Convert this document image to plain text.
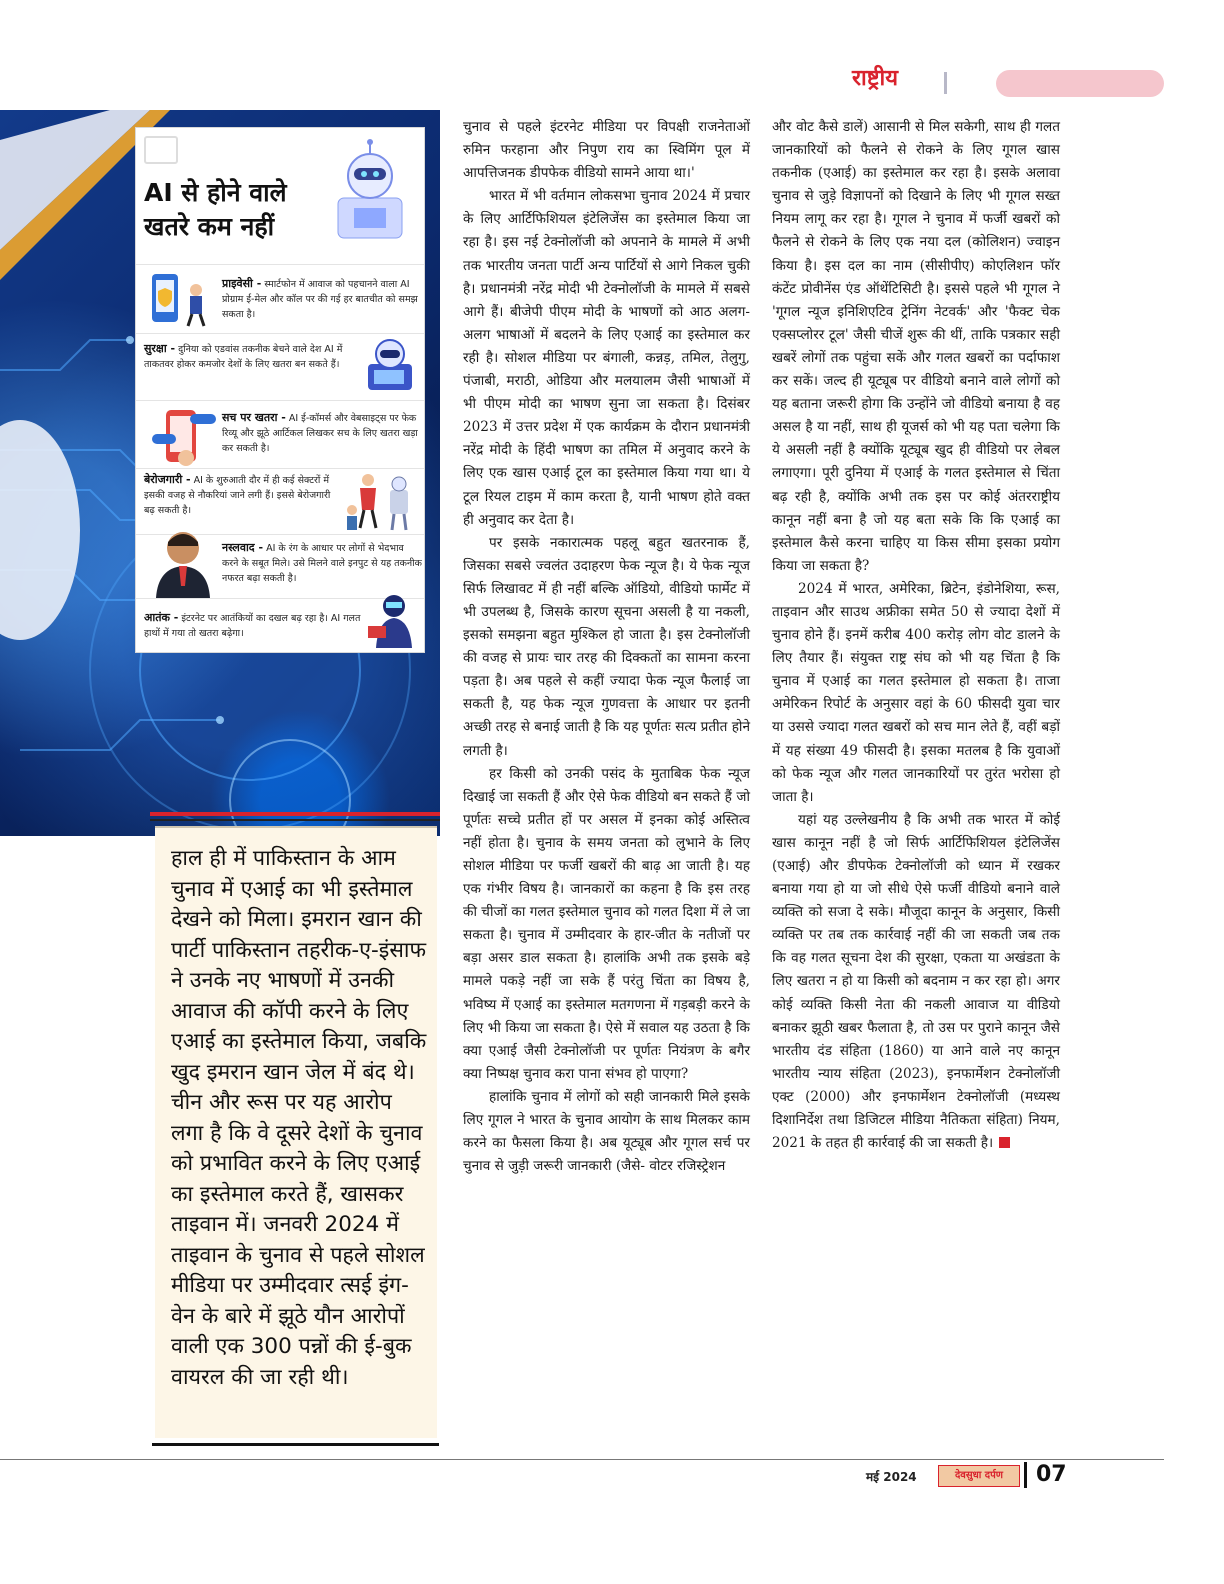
राष्ट्रीय
AI से होने वाले खतरे कम नहीं
प्राइवेसी - स्मार्टफोन में आवाज को पहचानने वाला AI प्रोग्राम ई-मेल और कॉल पर की गई हर बातचीत को समझ सकता है।
सुरक्षा - दुनिया को एडवांस तकनीक बेचने वाले देश AI में ताकतवर होकर कमजोर देशों के लिए खतरा बन सकते हैं।
सच पर खतरा - AI ई-कॉमर्स और वेबसाइट्स पर फेक रिव्यू और झूठे आर्टिकल लिखकर सच के लिए खतरा खड़ा कर सकती है।
बेरोजगारी - AI के शुरुआती दौर में ही कई सेक्टरों में इसकी वजह से नौकरियां जाने लगी हैं। इससे बेरोजगारी बढ़ सकती है।
नस्लवाद - AI के रंग के आधार पर लोगों से भेदभाव करने के सबूत मिले। उसे मिलने वाले इनपुट से यह तकनीक नफरत बढ़ा सकती है।
आतंक - इंटरनेट पर आतंकियों का दखल बढ़ रहा है। AI गलत हाथों में गया तो खतरा बढ़ेगा।
हाल ही में पाकिस्तान के आम चुनाव में एआई का भी इस्तेमाल देखने को मिला। इमरान खान की पार्टी पाकिस्तान तहरीक-ए-इंसाफ ने उनके नए भाषणों में उनकी आवाज की कॉपी करने के लिए एआई का इस्तेमाल किया, जबकि खुद इमरान खान जेल में बंद थे। चीन और रूस पर यह आरोप लगा है कि वे दूसरे देशों के चुनाव को प्रभावित करने के लिए एआई का इस्तेमाल करते हैं, खासकर ताइवान में। जनवरी 2024 में ताइवान के चुनाव से पहले सोशल मीडिया पर उम्मीदवार त्सई इंग-वेन के बारे में झूठे यौन आरोपों वाली एक 300 पन्नों की ई-बुक वायरल की जा रही थी।

चुनाव से पहले इंटरनेट मीडिया पर विपक्षी राजनेताओं रुमिन फरहाना और निपुण राय का स्विमिंग पूल में आपत्तिजनक डीपफेक वीडियो सामने आया था।'

भारत में भी वर्तमान लोकसभा चुनाव 2024 में प्रचार के लिए आर्टिफिशियल इंटेलिजेंस का इस्तेमाल किया जा रहा है। इस नई टेक्नोलॉजी को अपनाने के मामले में अभी तक भारतीय जनता पार्टी अन्य पार्टियों से आगे निकल चुकी है। प्रधानमंत्री नरेंद्र मोदी भी टेक्नोलॉजी के मामले में सबसे आगे हैं। बीजेपी पीएम मोदी के भाषणों को आठ अलग-अलग भाषाओं में बदलने के लिए एआई का इस्तेमाल कर रही है। सोशल मीडिया पर बंगाली, कन्नड़, तमिल, तेलुगु, पंजाबी, मराठी, ओडिया और मलयालम जैसी भाषाओं में भी पीएम मोदी का भाषण सुना जा सकता है। दिसंबर 2023 में उत्तर प्रदेश में एक कार्यक्रम के दौरान प्रधानमंत्री नरेंद्र मोदी के हिंदी भाषण का तमिल में अनुवाद करने के लिए एक खास एआई टूल का इस्तेमाल किया गया था। ये टूल रियल टाइम में काम करता है, यानी भाषण होते वक्त ही अनुवाद कर देता है।

पर इसके नकारात्मक पहलू बहुत खतरनाक हैं, जिसका सबसे ज्वलंत उदाहरण फेक न्यूज है। ये फेक न्यूज सिर्फ लिखावट में ही नहीं बल्कि ऑडियो, वीडियो फार्मेट में भी उपलब्ध है, जिसके कारण सूचना असली है या नकली, इसको समझना बहुत मुश्किल हो जाता है। इस टेक्नोलॉजी की वजह से प्रायः चार तरह की दिक्कतों का सामना करना पड़ता है। अब पहले से कहीं ज्यादा फेक न्यूज फैलाई जा सकती है, यह फेक न्यूज गुणवत्ता के आधार पर इतनी अच्छी तरह से बनाई जाती है कि यह पूर्णतः सत्य प्रतीत होने लगती है।

हर किसी को उनकी पसंद के मुताबिक फेक न्यूज दिखाई जा सकती हैं और ऐसे फेक वीडियो बन सकते हैं जो पूर्णतः सच्चे प्रतीत हों पर असल में इनका कोई अस्तित्व नहीं होता है। चुनाव के समय जनता को लुभाने के लिए सोशल मीडिया पर फर्जी खबरों की बाढ़ आ जाती है। यह एक गंभीर विषय है। जानकारों का कहना है कि इस तरह की चीजों का गलत इस्तेमाल चुनाव को गलत दिशा में ले जा सकता है। चुनाव में उम्मीदवार के हार-जीत के नतीजों पर बड़ा असर डाल सकता है। हालांकि अभी तक इसके बड़े मामले पकड़े नहीं जा सके हैं परंतु चिंता का विषय है, भविष्य में एआई का इस्तेमाल मतगणना में गड़बड़ी करने के लिए भी किया जा सकता है। ऐसे में सवाल यह उठता है कि क्या एआई जैसी टेक्नोलॉजी पर पूर्णतः नियंत्रण के बगैर क्या निष्पक्ष चुनाव करा पाना संभव हो पाएगा?

हालांकि चुनाव में लोगों को सही जानकारी मिले इसके लिए गूगल ने भारत के चुनाव आयोग के साथ मिलकर काम करने का फैसला किया है। अब यूट्यूब और गूगल सर्च पर चुनाव से जुड़ी जरूरी जानकारी (जैसे- वोटर रजिस्ट्रेशन

और वोट कैसे डालें) आसानी से मिल सकेगी, साथ ही गलत जानकारियों को फैलने से रोकने के लिए गूगल खास तकनीक (एआई) का इस्तेमाल कर रहा है। इसके अलावा चुनाव से जुड़े विज्ञापनों को दिखाने के लिए भी गूगल सख्त नियम लागू कर रहा है। गूगल ने चुनाव में फर्जी खबरों को फैलने से रोकने के लिए एक नया दल (कोलिशन) ज्वाइन किया है। इस दल का नाम (सीसीपीए) कोएलिशन फॉर कंटेंट प्रोवीनेंस एंड ऑथेंटिसिटी है। इससे पहले भी गूगल ने 'गूगल न्यूज इनिशिएटिव ट्रेनिंग नेटवर्क' और 'फैक्ट चेक एक्सप्लोरर टूल' जैसी चीजें शुरू की थीं, ताकि पत्रकार सही खबरें लोगों तक पहुंचा सकें और गलत खबरों का पर्दाफाश कर सकें। जल्द ही यूट्यूब पर वीडियो बनाने वाले लोगों को यह बताना जरूरी होगा कि उन्होंने जो वीडियो बनाया है वह असल है या नहीं, साथ ही यूजर्स को भी यह पता चलेगा कि ये असली नहीं है क्योंकि यूट्यूब खुद ही वीडियो पर लेबल लगाएगा। पूरी दुनिया में एआई के गलत इस्तेमाल से चिंता बढ़ रही है, क्योंकि अभी तक इस पर कोई अंतरराष्ट्रीय कानून नहीं बना है जो यह बता सके कि कि एआई का इस्तेमाल कैसे करना चाहिए या किस सीमा इसका प्रयोग किया जा सकता है?

2024 में भारत, अमेरिका, ब्रिटेन, इंडोनेशिया, रूस, ताइवान और साउथ अफ्रीका समेत 50 से ज्यादा देशों में चुनाव होने हैं। इनमें करीब 400 करोड़ लोग वोट डालने के लिए तैयार हैं। संयुक्त राष्ट्र संघ को भी यह चिंता है कि चुनाव में एआई का गलत इस्तेमाल हो सकता है। ताजा अमेरिकन रिपोर्ट के अनुसार वहां के 60 फीसदी युवा चार या उससे ज्यादा गलत खबरों को सच मान लेते हैं, वहीं बड़ों में यह संख्या 49 फीसदी है। इसका मतलब है कि युवाओं को फेक न्यूज और गलत जानकारियों पर तुरंत भरोसा हो जाता है।

यहां यह उल्लेखनीय है कि अभी तक भारत में कोई खास कानून नहीं है जो सिर्फ आर्टिफिशियल इंटेलिजेंस (एआई) और डीपफेक टेक्नोलॉजी को ध्यान में रखकर बनाया गया हो या जो सीधे ऐसे फर्जी वीडियो बनाने वाले व्यक्ति को सजा दे सके। मौजूदा कानून के अनुसार, किसी व्यक्ति पर तब तक कार्रवाई नहीं की जा सकती जब तक कि वह गलत सूचना देश की सुरक्षा, एकता या अखंडता के लिए खतरा न हो या किसी को बदनाम न कर रहा हो। अगर कोई व्यक्ति किसी नेता की नकली आवाज या वीडियो बनाकर झूठी खबर फैलाता है, तो उस पर पुराने कानून जैसे भारतीय दंड संहिता (1860) या आने वाले नए कानून भारतीय न्याय संहिता (2023), इनफार्मेशन टेक्नोलॉजी एक्ट (2000) और इनफार्मेशन टेक्नोलॉजी (मध्यस्थ दिशानिर्देश तथा डिजिटल मीडिया नैतिकता संहिता) नियम, 2021 के तहत ही कार्रवाई की जा सकती है।

मई 2024	देवसुधा दर्पण	07
